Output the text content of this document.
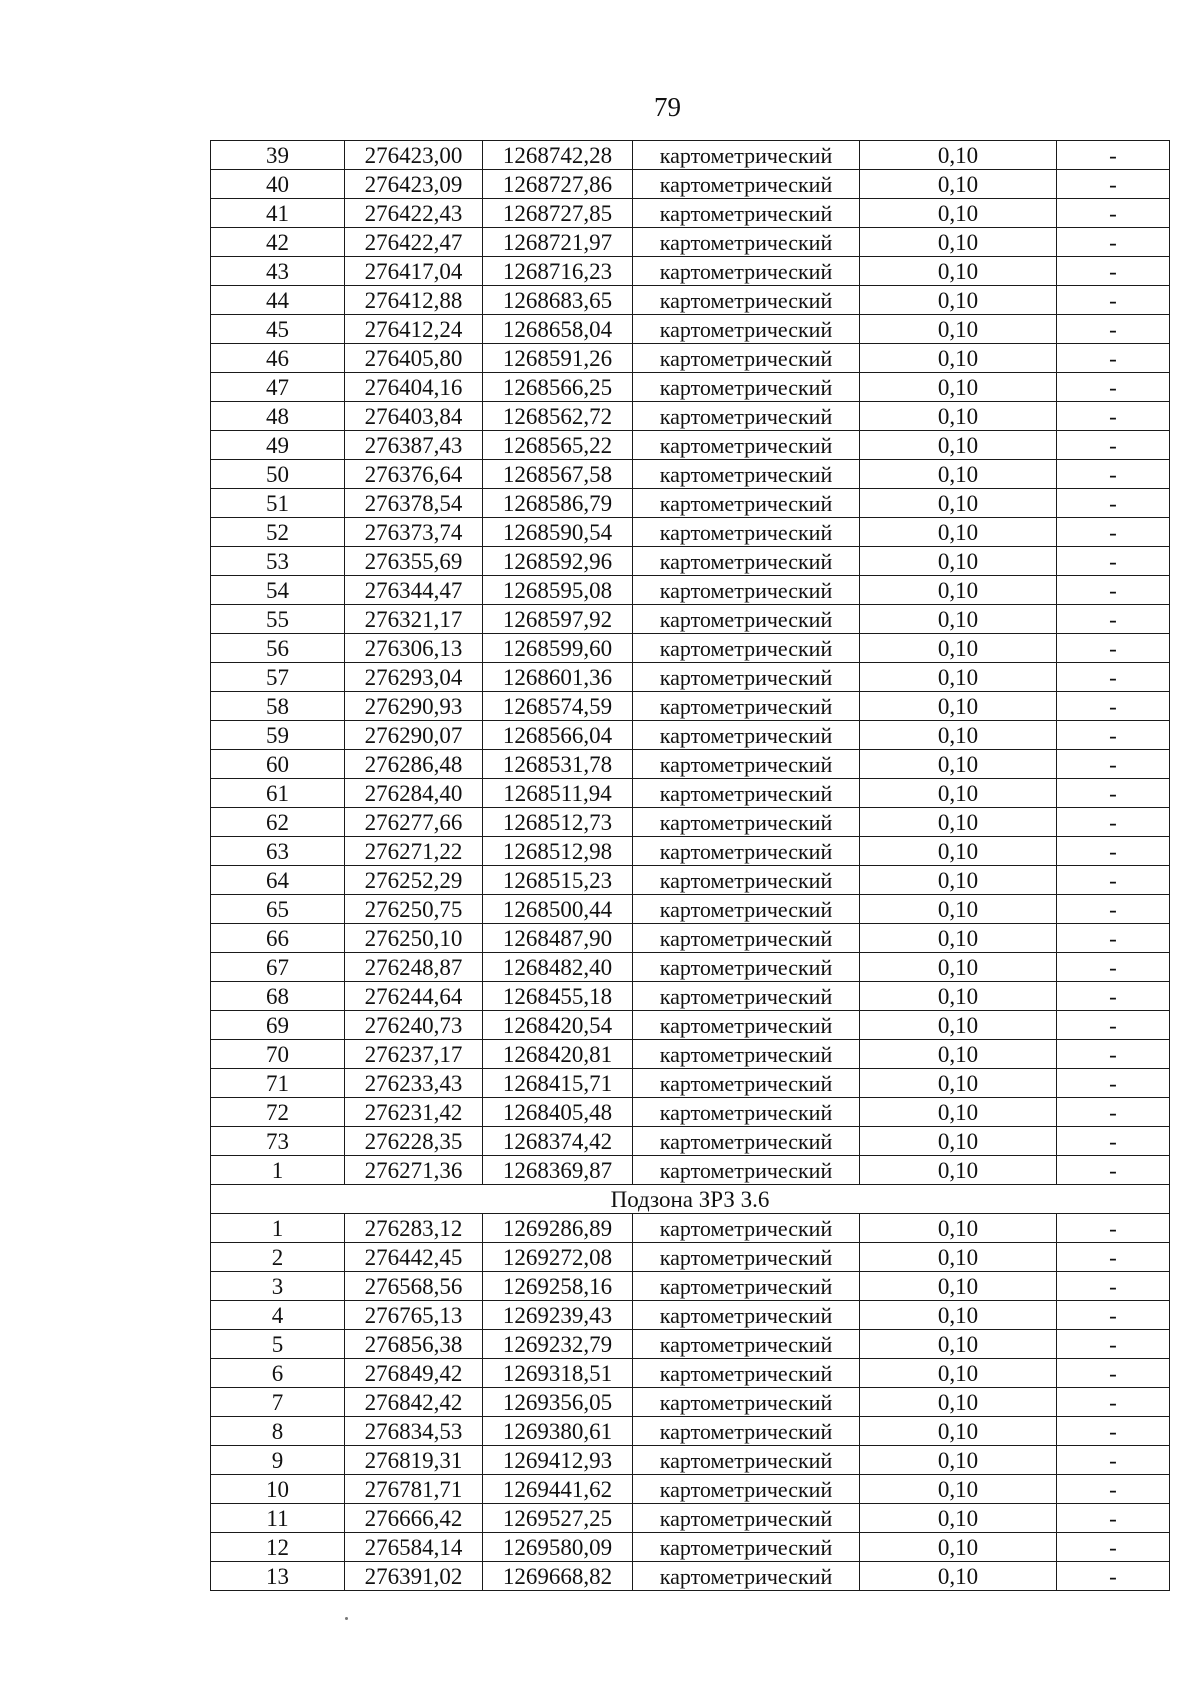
79
39	276423,00	1268742,28	картометрический	0,10	-
40	276423,09	1268727,86	картометрический	0,10	-
41	276422,43	1268727,85	картометрический	0,10	-
42	276422,47	1268721,97	картометрический	0,10	-
43	276417,04	1268716,23	картометрический	0,10	-
44	276412,88	1268683,65	картометрический	0,10	-
45	276412,24	1268658,04	картометрический	0,10	-
46	276405,80	1268591,26	картометрический	0,10	-
47	276404,16	1268566,25	картометрический	0,10	-
48	276403,84	1268562,72	картометрический	0,10	-
49	276387,43	1268565,22	картометрический	0,10	-
50	276376,64	1268567,58	картометрический	0,10	-
51	276378,54	1268586,79	картометрический	0,10	-
52	276373,74	1268590,54	картометрический	0,10	-
53	276355,69	1268592,96	картометрический	0,10	-
54	276344,47	1268595,08	картометрический	0,10	-
55	276321,17	1268597,92	картометрический	0,10	-
56	276306,13	1268599,60	картометрический	0,10	-
57	276293,04	1268601,36	картометрический	0,10	-
58	276290,93	1268574,59	картометрический	0,10	-
59	276290,07	1268566,04	картометрический	0,10	-
60	276286,48	1268531,78	картометрический	0,10	-
61	276284,40	1268511,94	картометрический	0,10	-
62	276277,66	1268512,73	картометрический	0,10	-
63	276271,22	1268512,98	картометрический	0,10	-
64	276252,29	1268515,23	картометрический	0,10	-
65	276250,75	1268500,44	картометрический	0,10	-
66	276250,10	1268487,90	картометрический	0,10	-
67	276248,87	1268482,40	картометрический	0,10	-
68	276244,64	1268455,18	картометрический	0,10	-
69	276240,73	1268420,54	картометрический	0,10	-
70	276237,17	1268420,81	картометрический	0,10	-
71	276233,43	1268415,71	картометрический	0,10	-
72	276231,42	1268405,48	картометрический	0,10	-
73	276228,35	1268374,42	картометрический	0,10	-
1	276271,36	1268369,87	картометрический	0,10	-
Подзона ЗРЗ 3.6					
1	276283,12	1269286,89	картометрический	0,10	-
2	276442,45	1269272,08	картометрический	0,10	-
3	276568,56	1269258,16	картометрический	0,10	-
4	276765,13	1269239,43	картометрический	0,10	-
5	276856,38	1269232,79	картометрический	0,10	-
6	276849,42	1269318,51	картометрический	0,10	-
7	276842,42	1269356,05	картометрический	0,10	-
8	276834,53	1269380,61	картометрический	0,10	-
9	276819,31	1269412,93	картометрический	0,10	-
10	276781,71	1269441,62	картометрический	0,10	-
11	276666,42	1269527,25	картометрический	0,10	-
12	276584,14	1269580,09	картометрический	0,10	-
13	276391,02	1269668,82	картометрический	0,10	-
